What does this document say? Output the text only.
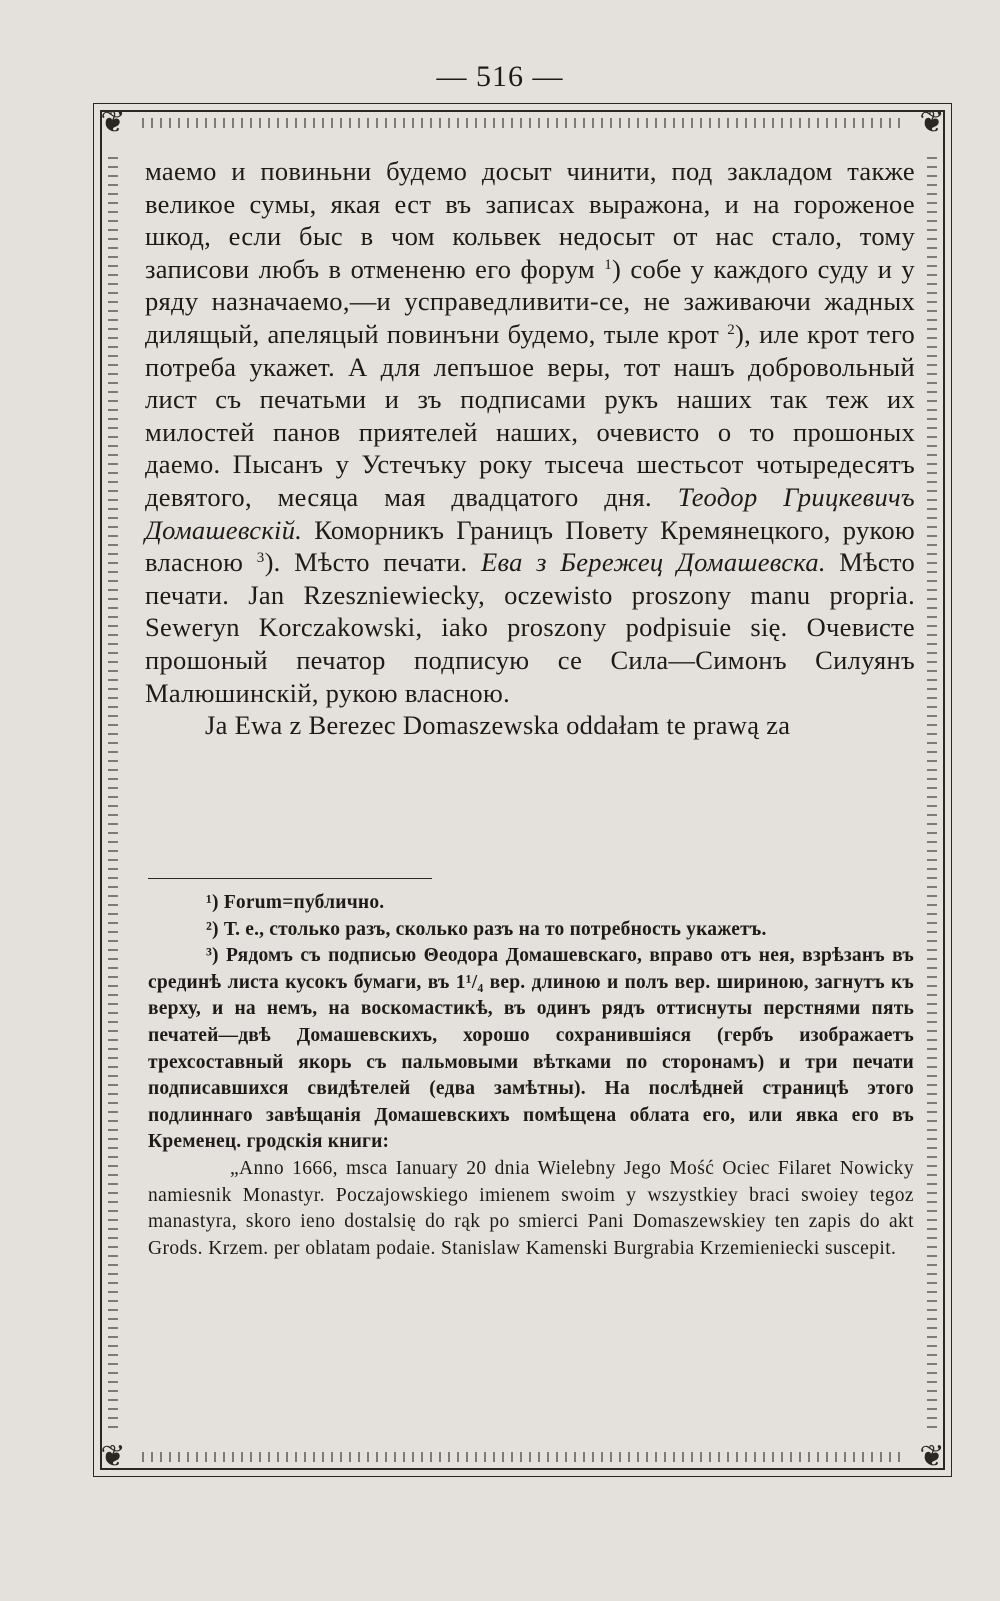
— 516 —
❦	❦
❦	❦

маемо и повиньни будемо досыт чинити, под закладом также великое сумы, якая ест въ записах выражона, и на гороженое шкод, если быс в чом кольвек недосыт от нас стало, тому записови любъ в отмененю его форум $^1$) собе у каждого суду и у ряду назначаемо,—и усправедливити-се, не заживаючи жадных дилящый, апеляцый повинъни будемо, тыле крот $^2$), иле крот тего потреба укажет. А для лепъшое веры, тот нашъ добровольный лист съ печатьми и зъ подписами рукъ наших так теж их милостей панов приятелей наших, очевисто о то прошоных даемо. Пысанъ у Устечъку року тысеча шестьсот чотыредесятъ девятого, месяца мая двадцатого дня. Теодор Грицкевичъ Домашевскій. Коморникъ Границъ Повету Кремянецкого, рукою власною $^3$). Мѣсто печати. Ева з Бережец Домашевска. Мѣсто печати. Jan Rzeszniewiecky, oczewisto proszony manu propria. Seweryn Korczakowski, iako proszony podpisuie się. Очевисте прошоный печатор подписую се Сила—Симонъ Силуянъ Малюшинскій, рукою власною.

Ja Ewa z Berezec Domaszewska oddałam te prawą za

¹) Forum=публично.

²) Т. е., столько разъ, сколько разъ на то потребность укажетъ.

³) Рядомъ съ подписью Θеодора Домашевскаго, вправо отъ нея, взрѣзанъ въ срединѣ листа кусокъ бумаги, въ 1¹/₄ вер. длиною и полъ вер. шириною, загнутъ къ верху, и на немъ, на воскомастикѣ, въ одинъ рядъ оттиснуты перстнями пять печатей—двѣ Домашевскихъ, хорошо сохранившіяся (гербъ изображаетъ трехсоставный якорь съ пальмовыми вѣтками по сторонамъ) и три печати подписавшихся свидѣтелей (едва замѣтны). На послѣдней страницѣ этого подлиннаго завѣщанія Домашевскихъ помѣщена облата его, или явка его въ Кременец. гродскія книги:

„Anno 1666, msca Ianuary 20 dnia Wielebny Jego Mość Ociec Filaret Nowicky namiesnik Monastyr. Poczajowskiego imienem swoim y wszystkiey braci swoiey tegoz manastyra, skoro ieno dostalsię do rąk po smierci Pani Domaszewskiey ten zapis do akt Grods. Krzem. per oblatam podaie. Stanislaw Kamenski Burgrabia Krzemieniecki suscepit.
